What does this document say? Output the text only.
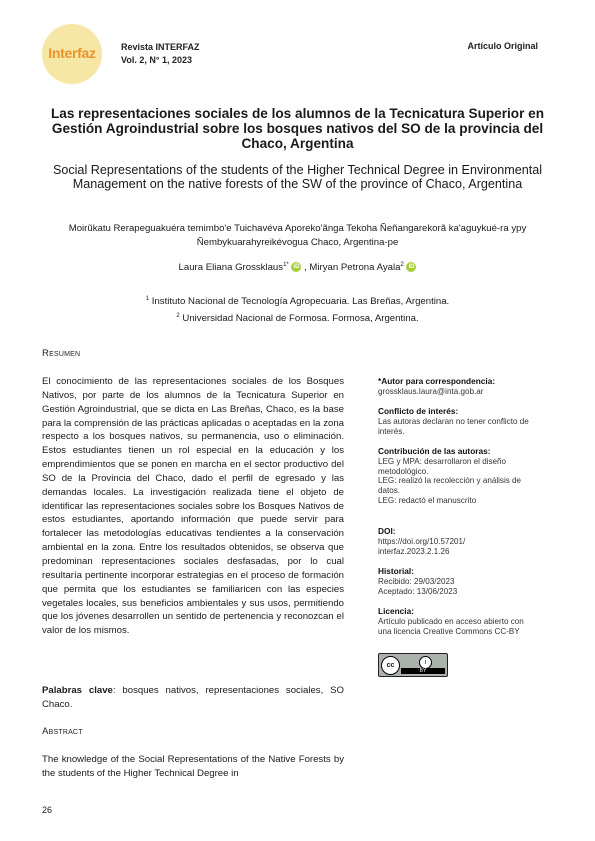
Interfaz	Revista INTERFAZ
Vol. 2, N° 1, 2023
Artículo Original
Las representaciones sociales de los alumnos de la Tecnicatura Superior en Gestión Agroindustrial sobre los bosques nativos del SO de la provincia del Chaco, Argentina
Social Representations of the students of the Higher Technical Degree in Environmental Management on the native forests of the SW of the province of Chaco, Argentina
Moirũkatu Rerapeguakuéra temimbo'e Tuichavéva Aporeko'ãnga Tekoha Ñeñangarekorã ka'aguykué-ra ypy Ñembykuarahyreikévogua Chaco, Argentina-pe
Laura Eliana Grossklaus$^{1*}$ iD , Miryan Petrona Ayala$^2$ iD
$^1$ Instituto Nacional de Tecnología Agropecuaria. Las Breñas, Argentina.
$^2$ Universidad Nacional de Formosa. Formosa, Argentina.
Resumen
El conocimiento de las representaciones sociales de los Bosques Nativos, por parte de los alumnos de la Tecnicatura Superior en Gestión Agroindustrial, que se dicta en Las Breñas, Chaco, es la base para la comprensión de las prácticas aplicadas o aceptadas en la zona respecto a los bosques nativos, su permanencia, uso o eliminación. Estos estudiantes tienen un rol especial en la educación y los emprendimientos que se ponen en marcha en el sector productivo del SO de la Provincia del Chaco, dado el perfil de egresado y las demandas locales. La investigación realizada tiene el objeto de identificar las representaciones sociales sobre los Bosques Nativos de estos estudiantes, aportando información que puede servir para fortalecer las metodologías educativas tendientes a la conservación ambiental en la zona. Entre los resultados obtenidos, se observa que predominan representaciones sociales desfasadas, por lo cual resultaría pertinente incorporar estrategias en el proceso de formación que permita que los estudiantes se familiaricen con las especies vegetales locales, sus beneficios ambientales y sus usos, permitiendo que los jóvenes desarrollen un sentido de pertenencia y reconozcan el valor de los mismos.
Palabras clave: bosques nativos, representaciones sociales, SO Chaco.
Abstract
The knowledge of the Social Representations of the Native Forests by the students of the Higher Technical Degree in
*Autor para correspondencia:
grossklaus.laura@inta.gob.ar
Conflicto de interés:
Las autoras declaran no tener conflicto de interés.
Contribución de las autoras:
LEG y MPA: desarrollaron el diseño metodológico.
LEG: realizó la recolección y análisis de datos.
LEG: redactó el manuscrito
DOI:
https://doi.org/10.57201/ interfaz.2023.2.1.26
Historial:
Recibido: 29/03/2023
Aceptado: 13/06/2023
Licencia:
Artículo publicado en acceso abierto con una licencia Creative Commons CC-BY
cc	i
BY
26
